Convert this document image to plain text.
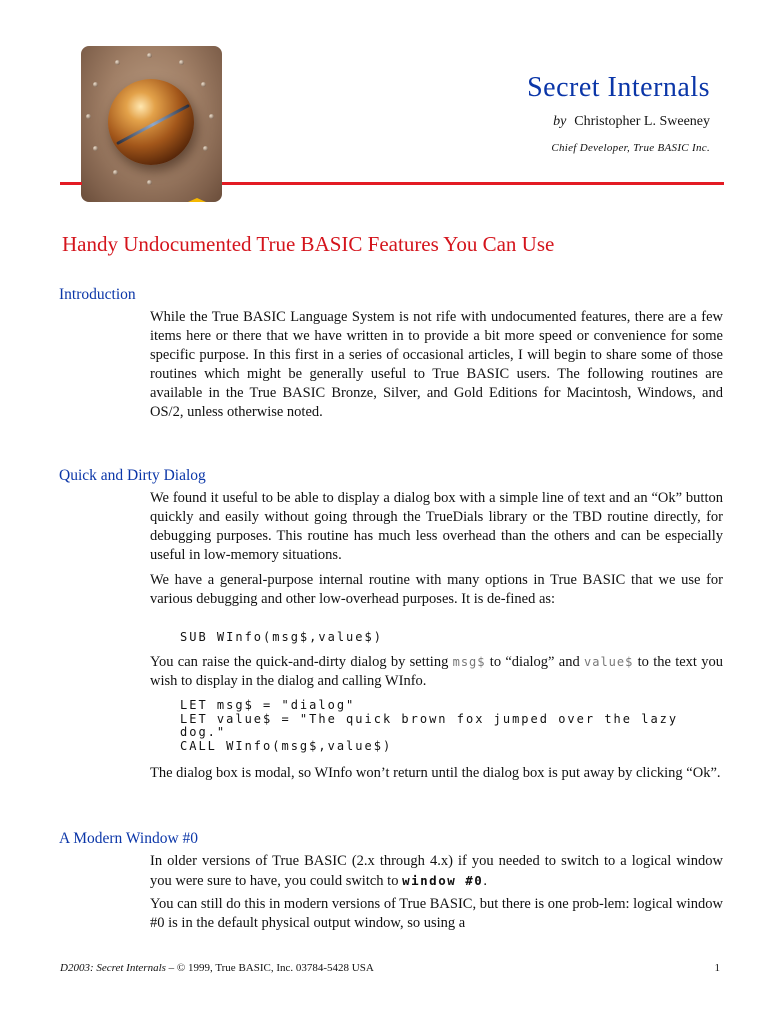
Secret Internals
by Christopher L. Sweeney
Chief Developer, True BASIC Inc.
Handy Undocumented True BASIC Features You Can Use
Introduction

While the True BASIC Language System is not rife with undocumented features, there are a few items here or there that we have written in to provide a bit more speed or convenience for some specific purpose. In this first in a series of occasional articles, I will begin to share some of those routines which might be generally useful to True BASIC users. The following routines are available in the True BASIC Bronze, Silver, and Gold Editions for Macintosh, Windows, and OS/2, unless otherwise noted.

Quick and Dirty Dialog

We found it useful to be able to display a dialog box with a simple line of text and an “Ok” button quickly and easily without going through the TrueDials library or the TBD routine directly, for debugging purposes. This routine has much less overhead than the others and can be especially useful in low-memory situations.

We have a general-purpose internal routine with many options in True BASIC that we use for various debugging and other low-overhead purposes. It is de-fined as:

SUB WInfo(msg$,value$)

You can raise the quick-and-dirty dialog by setting msg$ to “dialog” and value$ to the text you wish to display in the dialog and calling WInfo.

LET msg$ = "dialog"
LET value$ = "The quick brown fox jumped over the lazy
dog."
CALL WInfo(msg$,value$)

The dialog box is modal, so WInfo won’t return until the dialog box is put away by clicking “Ok”.

A Modern Window #0

In older versions of True BASIC (2.x through 4.x) if you needed to switch to a logical window you were sure to have, you could switch to window #0.

You can still do this in modern versions of True BASIC, but there is one prob-lem: logical window #0 is in the default physical output window, so using a

D2003: Secret Internals – © 1999, True BASIC, Inc. 03784-5428 USA	1
